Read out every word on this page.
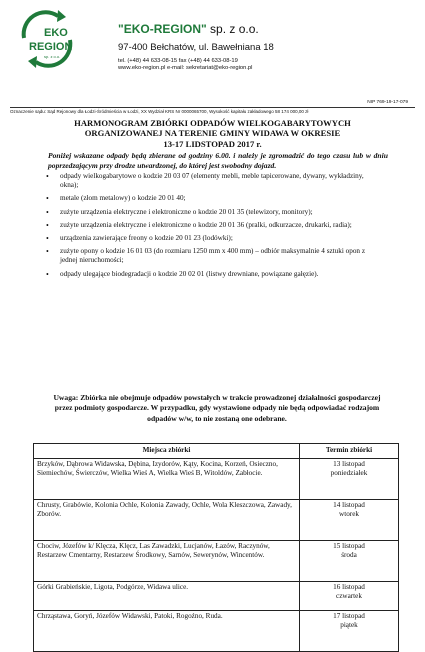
EKO
REGION
sp. z o.o.
"EKO-REGION" sp. z o.o.
97-400 Bełchatów, ul. Bawełniana 18
tel. (+48) 44 633-08-15 fax (+48) 44 633-08-19
www.eko-region.pl e-mail: sekretariat@eko-region.pl
NIP 769-19-17-079
Oznaczenie sądu: Sąd Rejonowy dla Łodzi-Śródmieścia w Łodzi, XX Wydział KRS Nr 0000065700, Wysokość kapitału zakładowego 58 174 000,00 zł
HARMONOGRAM ZBIÓRKI ODPADÓW WIELKOGABARYTOWYCH
ORGANIZOWANEJ NA TERENIE GMINY WIDAWA W OKRESIE
13-17 LIDSTOPAD 2017 r.
Poniżej wskazane odpady będą zbierane od godziny 6.00. i należy je zgromadzić do tego czasu lub w dniu poprzedzającym przy drodze utwardzonej, do której jest swobodny dojazd.
• odpady wielkogabarytowe o kodzie 20 03 07 (elementy mebli, meble tapicerowane, dywany, wykładziny, okna);
• metale (złom metalowy) o kodzie 20 01 40;
• zużyte urządzenia elektryczne i elektroniczne o kodzie 20 01 35 (telewizory, monitory);
• zużyte urządzenia elektryczne i elektroniczne o kodzie 20 01 36 (pralki, odkurzacze, drukarki, radia);
• urządzenia zawierające freony o kodzie 20 01 23 (lodówki);
• zużyte opony o kodzie 16 01 03 (do rozmiaru 1250 mm x 400 mm) – odbiór maksymalnie 4 sztuki opon z jednej nieruchomości;
• odpady ulegające biodegradacji o kodzie 20 02 01 (listwy drewniane, powiązane gałęzie).
Uwaga: Zbiórka nie obejmuje odpadów powstałych w trakcie prowadzonej działalności gospodarczej przez podmioty gospodarcze. W przypadku, gdy wystawione odpady nie będą odpowiadać rodzajom odpadów w/w, to nie zostaną one odebrane.
Miejsca zbiórki	Termin zbiórki
Brzyków, Dąbrowa Widawska, Dębina, Izydorów, Kąty, Kocina, Korzeń, Osieczno, Siemiechów, Świerczów, Wielka Wieś A, Wielka Wieś B, Witoldów, Zabłocie.	13 listopad
poniedziałek
Chrusty, Grabówie, Kolonia Ochle, Kolonia Zawady, Ochle, Wola Kleszczowa, Zawady, Zborów.	14 listopad
wtorek
Chociw, Józefów k/ Klęcza, Klęcz, Las Zawadzki, Lucjanów, Łazów, Raczynów, Restarzew Cmentarny, Restarzew Środkowy, Sarnów, Sewerynów, Wincentów.	15 listopad
środa
Górki Grabieńskie, Ligota, Podgórze, Widawa ulice.	16 listopad
czwartek
Chrząstawa, Goryń, Józefów Widawski, Patoki, Rogoźno, Ruda.	17 listopad
piątek
